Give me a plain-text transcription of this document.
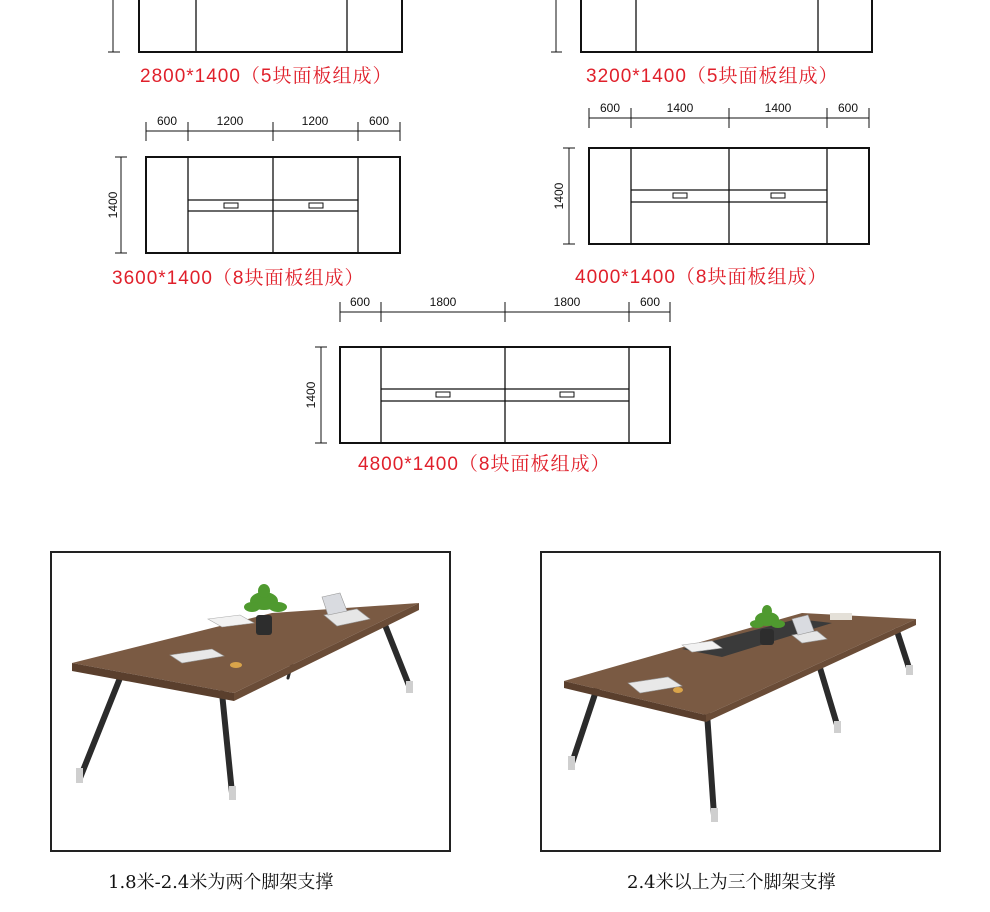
600	1200	1200	600
1400
600	1400	1400	600
1400
600	1800	1800	600
1400
2800*1400（5块面板组成）	3200*1400（5块面板组成）
3600*1400（8块面板组成）	4000*1400（8块面板组成）
4800*1400（8块面板组成）
1.8米-2.4米为两个脚架支撑	2.4米以上为三个脚架支撑
